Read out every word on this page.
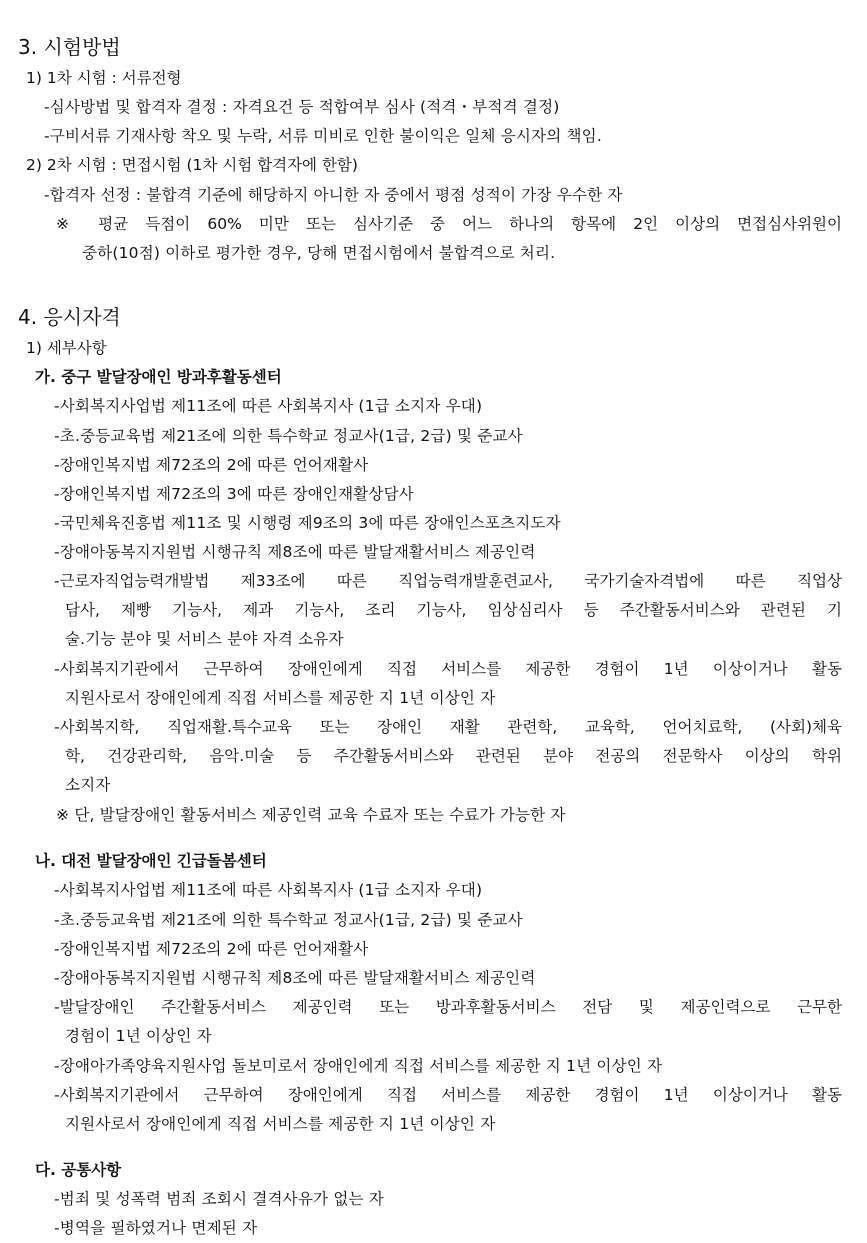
3. 시험방법
1) 1차 시험 : 서류전형
-심사방법 및 합격자 결정 : 자격요건 등 적합여부 심사 (적격・부적격 결정)
-구비서류 기재사항 착오 및 누락, 서류 미비로 인한 불이익은 일체 응시자의 책임.
2) 2차 시험 : 면접시험 (1차 시험 합격자에 한함)
-합격자 선정 : 불합격 기준에 해당하지 아니한 자 중에서 평점 성적이 가장 우수한 자
※ 평균 득점이 60% 미만 또는 심사기준 중 어느 하나의 항목에 2인 이상의 면접심사위원이
중하(10점) 이하로 평가한 경우, 당해 면접시험에서 불합격으로 처리.
4. 응시자격
1) 세부사항
가. 중구 발달장애인 방과후활동센터
-사회복지사업법 제11조에 따른 사회복지사 (1급 소지자 우대)
-초.중등교육법 제21조에 의한 특수학교 정교사(1급, 2급) 및 준교사
-장애인복지법 제72조의 2에 따른 언어재활사
-장애인복지법 제72조의 3에 따른 장애인재활상담사
-국민체육진흥법 제11조 및 시행령 제9조의 3에 따른 장애인스포츠지도자
-장애아동복지지원법 시행규칙 제8조에 따른 발달재활서비스 제공인력
-근로자직업능력개발법 제33조에 따른 직업능력개발훈련교사, 국가기술자격법에 따른 직업상
담사, 제빵 기능사, 제과 기능사, 조리 기능사, 임상심리사 등 주간활동서비스와 관련된 기
술.기능 분야 및 서비스 분야 자격 소유자
-사회복지기관에서 근무하여 장애인에게 직접 서비스를 제공한 경험이 1년 이상이거나 활동
지원사로서 장애인에게 직접 서비스를 제공한 지 1년 이상인 자
-사회복지학, 직업재활.특수교육 또는 장애인 재활 관련학, 교육학, 언어치료학, (사회)체육
학, 건강관리학, 음악.미술 등 주간활동서비스와 관련된 분야 전공의 전문학사 이상의 학위
소지자
※ 단, 발달장애인 활동서비스 제공인력 교육 수료자 또는 수료가 가능한 자
나. 대전 발달장애인 긴급돌봄센터
-사회복지사업법 제11조에 따른 사회복지사 (1급 소지자 우대)
-초.중등교육법 제21조에 의한 특수학교 정교사(1급, 2급) 및 준교사
-장애인복지법 제72조의 2에 따른 언어재활사
-장애아동복지지원법 시행규칙 제8조에 따른 발달재활서비스 제공인력
-발달장애인 주간활동서비스 제공인력 또는 방과후활동서비스 전담 및 제공인력으로 근무한
경험이 1년 이상인 자
-장애아가족양육지원사업 돌보미로서 장애인에게 직접 서비스를 제공한 지 1년 이상인 자
-사회복지기관에서 근무하여 장애인에게 직접 서비스를 제공한 경험이 1년 이상이거나 활동
지원사로서 장애인에게 직접 서비스를 제공한 지 1년 이상인 자
다. 공통사항
-범죄 및 성폭력 범죄 조회시 결격사유가 없는 자
-병역을 필하였거나 면제된 자
